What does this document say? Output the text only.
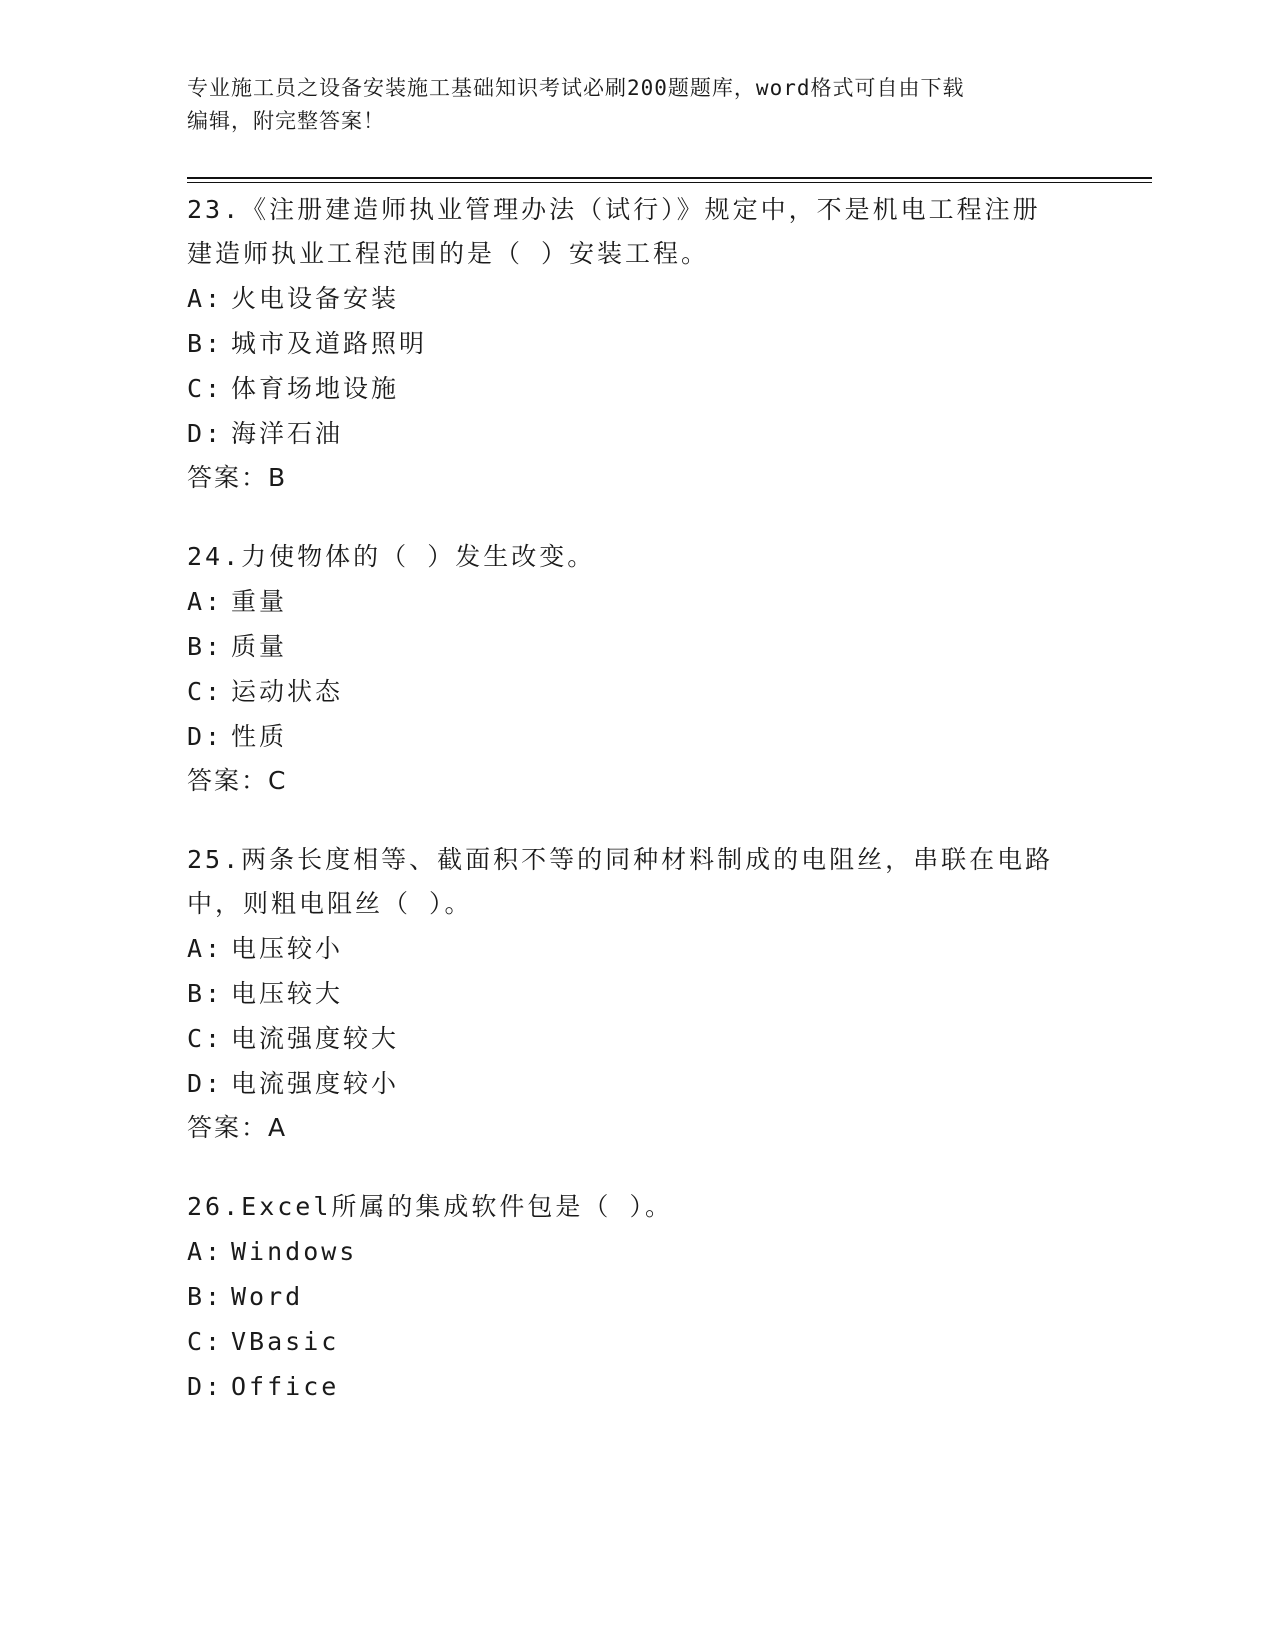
专业施工员之设备安装施工基础知识考试必刷200题题库，word格式可自由下载
编辑，附完整答案！

23.《注册建造师执业管理办法（试行）》规定中，不是机电工程注册
建造师执业工程范围的是（ ）安装工程。

A: 火电设备安装

B: 城市及道路照明

C: 体育场地设施

D: 海洋石油

答案：B

24.力使物体的（ ）发生改变。

A: 重量

B: 质量

C: 运动状态

D: 性质

答案：C

25.两条长度相等、截面积不等的同种材料制成的电阻丝，串联在电路
中，则粗电阻丝（ ）。

A: 电压较小

B: 电压较大

C: 电流强度较大

D: 电流强度较小

答案：A

26.Excel所属的集成软件包是（ ）。

A: Windows

B: Word

C: VBasic

D: Office
